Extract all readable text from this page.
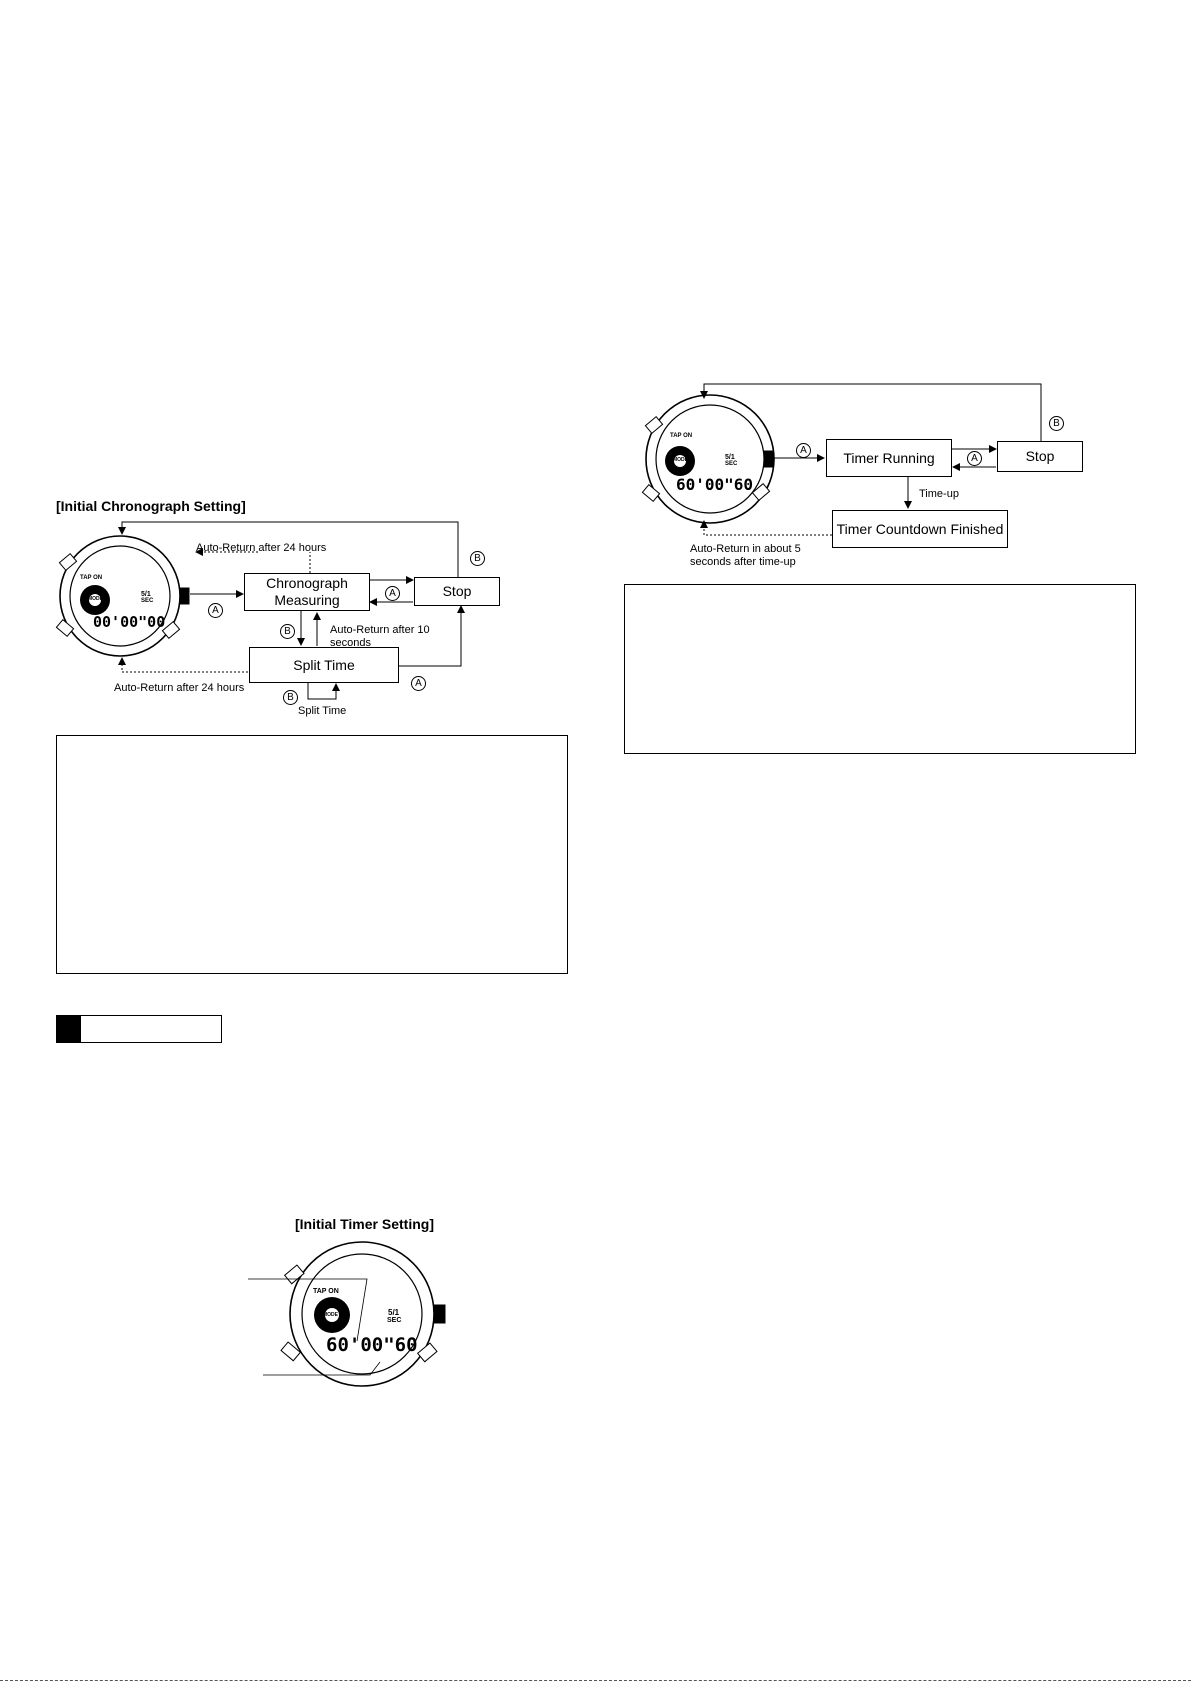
[Initial Chronograph Setting]
TAP ON
MODE
5/1
SEC
00'00"00
Chronograph Measuring
Stop
Split Time
Auto-Return after 24 hours
Auto-Return after 24 hours
Auto-Return after 10 seconds
Split Time
A
A
B
B
A
B
TAP ON
MODE	5/1
SEC
60'00"60
Timer Running	Stop
Timer Countdown Finished
Time-up
Auto-Return in about 5 seconds after time-up
A
A
B
[Initial Timer Setting]
TAP ON
MODE	5/1
SEC
60'00"60
